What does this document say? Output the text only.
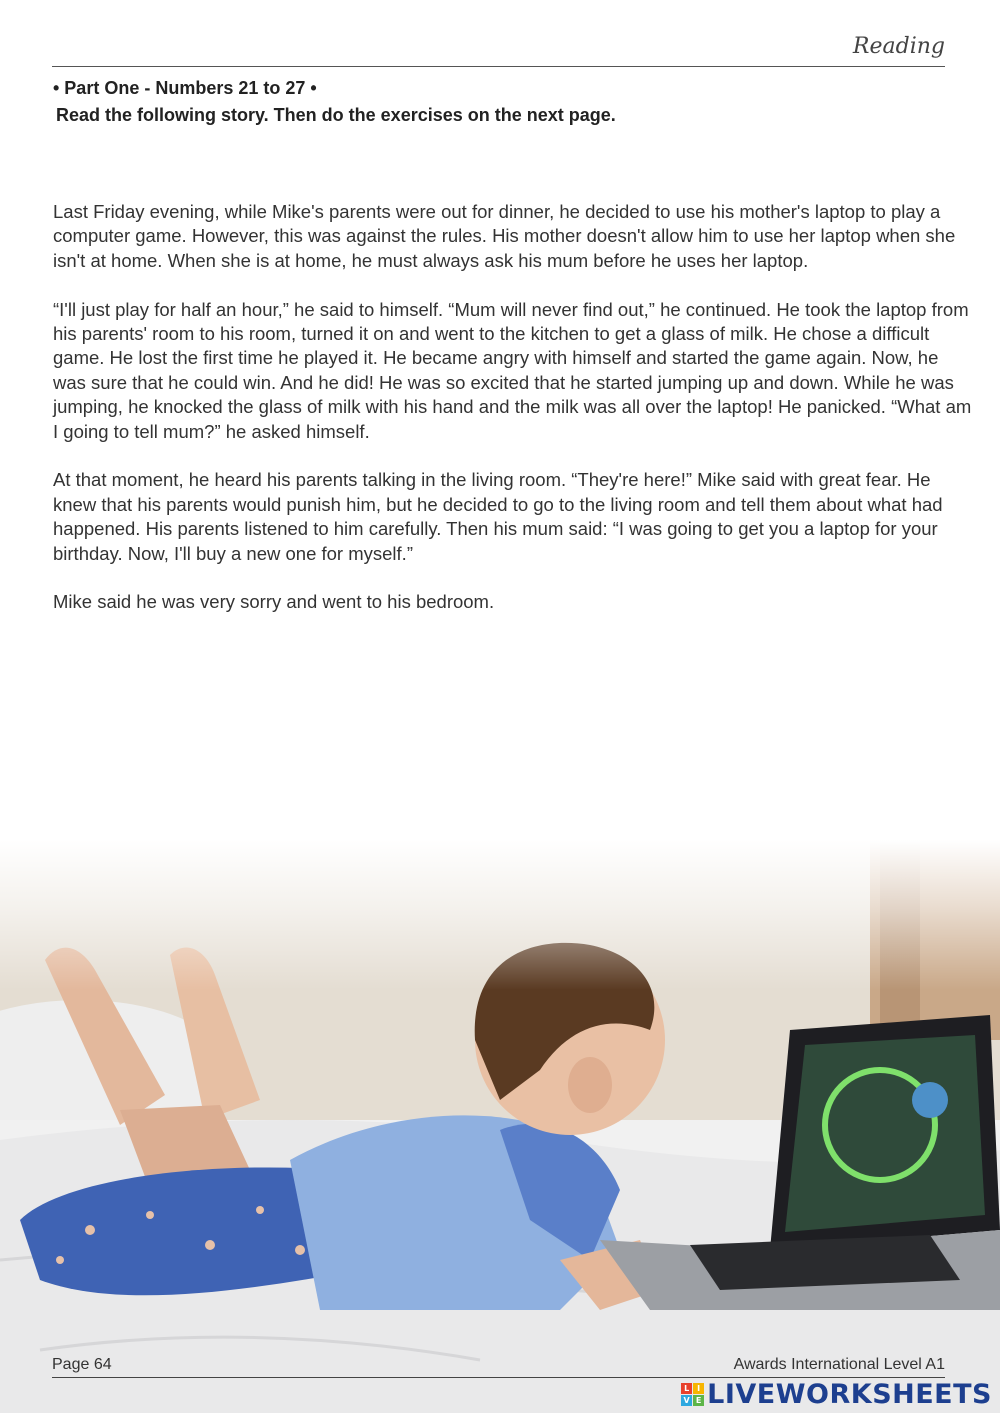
Reading
• Part One - Numbers 21 to 27 •
Read the following story. Then do the exercises on the next page.

Last Friday evening, while Mike's parents were out for dinner, he decided to use his mother's laptop to play a computer game. However, this was against the rules. His mother doesn't allow him to use her laptop when she isn't at home. When she is at home, he must always ask his mum before he uses her laptop.

“I'll just play for half an hour,” he said to himself. “Mum will never find out,” he continued. He took the laptop from his parents' room to his room, turned it on and went to the kitchen to get a glass of milk. He chose a difficult game. He lost the first time he played it. He became angry with himself and started the game again. Now, he was sure that he could win. And he did! He was so excited that he started jumping up and down. While he was jumping, he knocked the glass of milk with his hand and the milk was all over the laptop! He panicked. “What am I going to tell mum?” he asked himself.

At that moment, he heard his parents talking in the living room. “They're here!” Mike said with great fear. He knew that his parents would punish him, but he decided to go to the living room and tell them about what had happened. His parents listened to him carefully. Then his mum said: “I was going to get you a laptop for your birthday. Now, I'll buy a new one for myself.”

Mike said he was very sorry and went to his bedroom.

Page 64	Awards International Level A1
L I
V E LIVEWORKSHEETS
